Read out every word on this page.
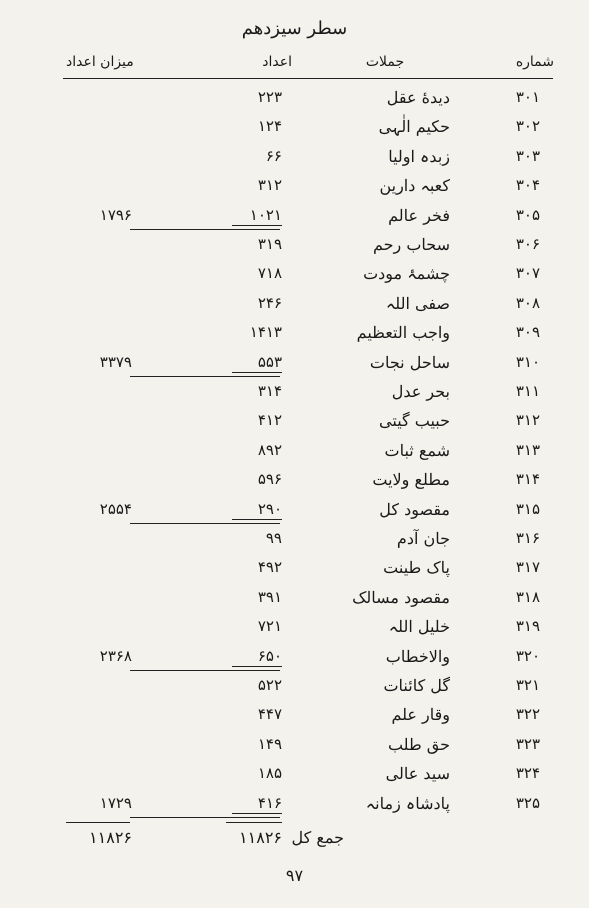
سطر سیزدهم
شماره
جملات
اعداد
میزان اعداد
۳۰۱
دیدهٔ عقل
۲۲۳
۳۰۲
حکیم الٰہی
۱۲۴
۳۰۳
زبدہ اولیا
۶۶
۳۰۴
کعبہ دارین
۳۱۲
۳۰۵
فخر عالم
۱۰۲۱
۱۷۹۶
۳۰۶
سحاب رحم
۳۱۹
۳۰۷
چشمۂ مودت
۷۱۸
۳۰۸
صفی اللہ
۲۴۶
۳۰۹
واجب التعظیم
۱۴۱۳
۳۱۰
ساحل نجات
۵۵۳
۳۳۷۹
۳۱۱
بحر عدل
۳۱۴
۳۱۲
حبیب گیتی
۴۱۲
۳۱۳
شمع ثبات
۸۹۲
۳۱۴
مطلع ولایت
۵۹۶
۳۱۵
مقصود کل
۲۹۰
۲۵۵۴
۳۱۶
جان آدم
۹۹
۳۱۷
پاک طینت
۴۹۲
۳۱۸
مقصود مسالک
۳۹۱
۳۱۹
خلیل اللہ
۷۲۱
۳۲۰
والاخطاب
۶۵۰
۲۳۶۸
۳۲۱
گل کائنات
۵۲۲
۳۲۲
وقار علم
۴۴۷
۳۲۳
حق طلب
۱۴۹
۳۲۴
سید عالی
۱۸۵
۳۲۵
پادشاہ زمانہ
۴۱۶
۱۷۲۹
جمع کل
۱۱۸۲۶
۱۱۸۲۶
۹۷
